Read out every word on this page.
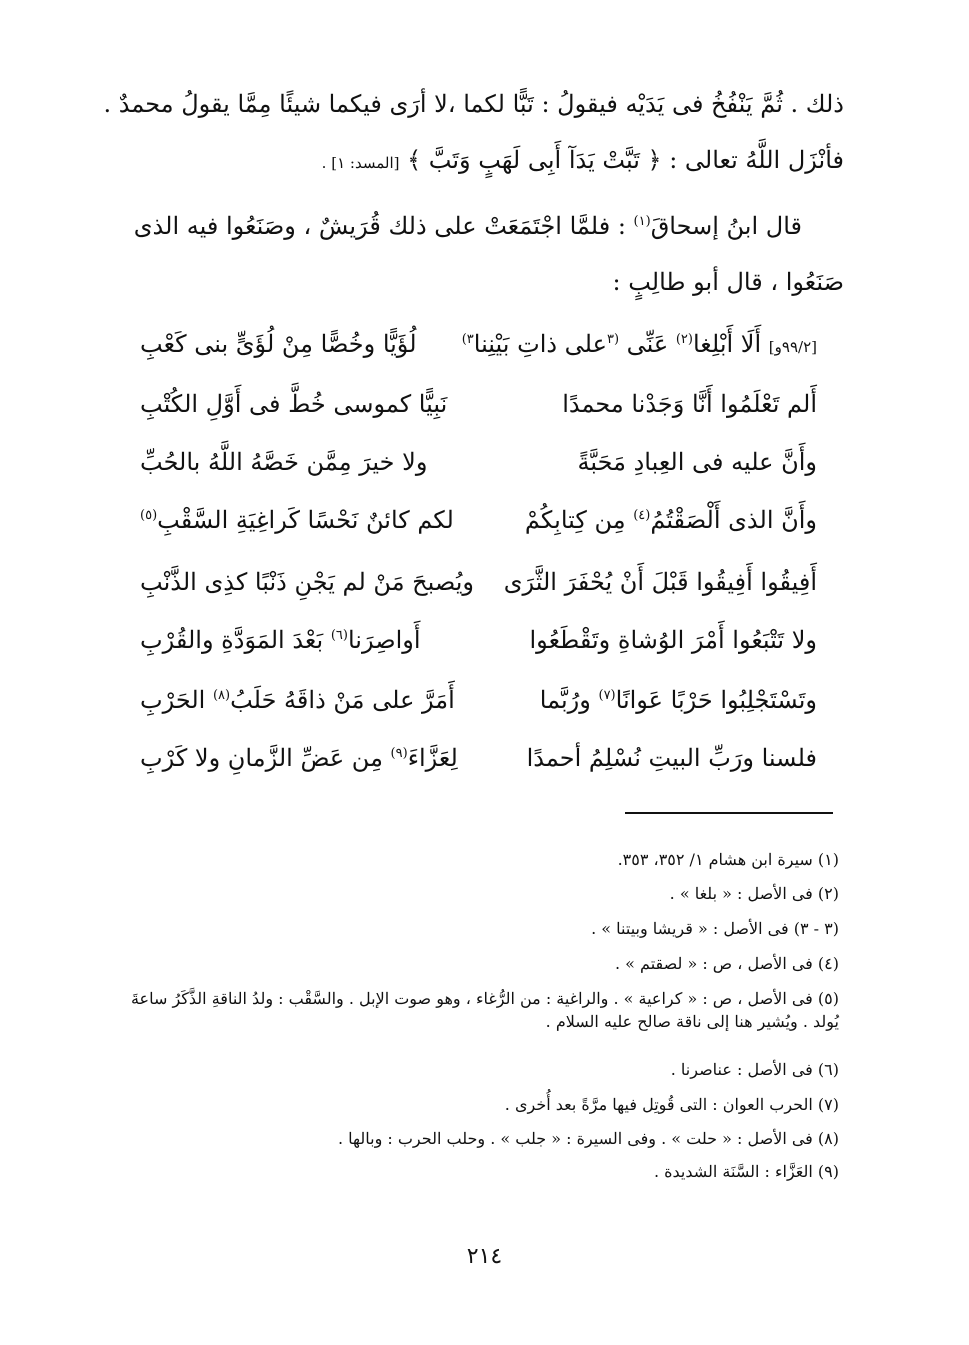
ذلك . ثُمَّ يَنْفُخُ فى يَدَيْه فيقولُ : تَبًّا لكما ،لا أرَى فيكما شيئًا مِمَّا يقولُ محمدٌ .
فأنْزَل اللَّهُ تعالى : ﴿ تَبَّتْ يَدَآ أَبِى لَهَبٍ وَتَبَّ ﴾ [المسد: ١] .
قال ابنُ إسحاقَ$^{(١)}$ : فلمَّا اجْتَمَعَتْ على ذلك قُرَيشٌ ، وصَنَعُوا فيه الذى
صَنَعُوا ، قال أبو طالِبٍ :
[٩٩/٢و] أَلَا أَبْلِغا$^{(٢)}$ عَنِّى $^{(٣}$على ذاتِ بَيْنِنا$^{٣)}$
لُؤَيًّا وخُصًّا مِنْ لُؤَىٍّ بنى كَعْبِ
أَلم تَعْلَمُوا أَنَّا وَجَدْنا محمدًا
نَبِيًّا كموسى خُطَّ فى أَوَّلِ الكُتْبِ
وأَنَّ عليه فى العِبادِ مَحَبَّةً
ولا خيرَ مِمَّن خَصَّهُ اللَّهُ بالحُبِّ
وأَنَّ الذى أَلْصَقْتُمُ$^{(٤)}$ مِن كِتابِكُمْ
لكم كائنٌ نَحْسًا كَراغِيَةِ السَّقْبِ$^{(٥)}$
أَفِيقُوا أَفِيقُوا قَبْلَ أَنْ يُحْفَرَ الثَّرَى
ويُصبحَ مَنْ لم يَجْنِ ذَنْبًا كذِى الذَّنْبِ
ولا تَتْبَعُوا أَمْرَ الوُشاةِ وتَقْطَعُوا
أَواصِرَنا$^{(٦)}$ بَعْدَ المَوَدَّةِ والقُرْبِ
وتَسْتَجْلِبُوا حَرْبًا عَوانًا$^{(٧)}$ ورُبَّما
أَمَرَّ على مَنْ ذاقَهُ حَلَبُ$^{(٨)}$ الحَرْبِ
فلسنا ورَبِّ البيتِ نُسْلِمُ أحمدًا
لِعَزَّاءَ$^{(٩)}$ مِن عَضِّ الزَّمانِ ولا كَرْبِ
(١) سيرة ابن هشام ١/ ٣٥٢، ٣٥٣.
(٢) فى الأصل : « بلغا » .
(٣ - ٣) فى الأصل : « قريشا وبيتنا » .
(٤) فى الأصل ، ص : « لصقتم » .
(٥) فى الأصل ، ص : « كراعية » . والراغية : من الرُّغاء ، وهو صوت الإبل . والسَّقْب : ولدُ الناقةِ الذَّكَرُ ساعةَ يُولد . ويُشير هنا إلى ناقة صالح عليه السلام .
(٦) فى الأصل : عناصرنا .
(٧) الحرب العوان : التى قُوتِل فيها مرَّةً بعد أُخرى .
(٨) فى الأصل : « حلت » . وفى السيرة : « جلب » . وحلب الحرب : وبالها .
(٩) العَزَّاء : السَّنَة الشديدة .
٢١٤
